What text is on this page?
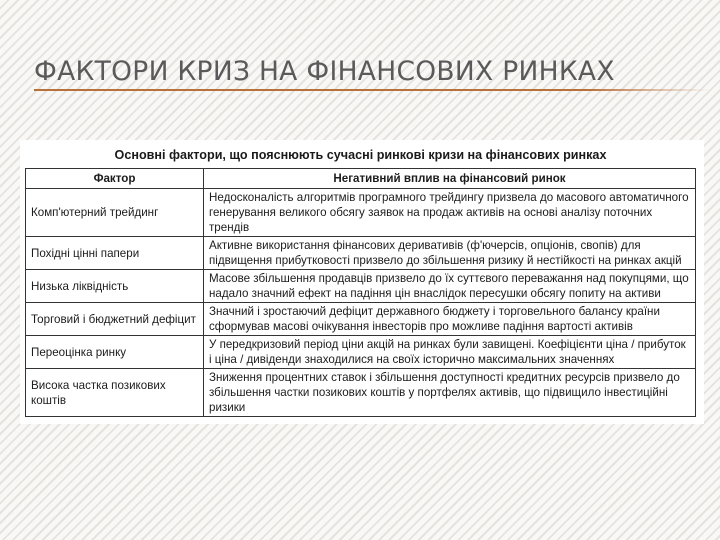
ФАКТОРИ КРИЗ НА ФІНАНСОВИХ РИНКАХ
Основні фактори, що пояснюють сучасні ринкові кризи на фінансових ринках
Фактор	Негативний вплив на фінансовий ринок
Комп'ютерний трейдинг	Недосконалість алгоритмів програмного трейдингу призвела до масового автоматичного генерування великого обсягу заявок на продаж активів на основі аналізу поточних трендів
Похідні цінні папери	Активне використання фінансових деривативів (ф'ючерсів, опціонів, свопів) для підвищення прибутковості призвело до збільшення ризику й нестійкості на ринках акцій
Низька ліквідність	Масове збільшення продавців призвело до їх суттєвого переважання над покупцями, що надало значний ефект на падіння цін внаслідок пересушки обсягу попиту на активи
Торговий і бюджетний дефіцит	Значний і зростаючий дефіцит державного бюджету і торговельного балансу країни сформував масові очікування інвесторів про можливе падіння вартості активів
Переоцінка ринку	У передкризовий період ціни акцій на ринках були завищені. Коефіцієнти ціна / прибуток і ціна / дивіденди знаходилися на своїх історично максимальних значеннях
Висока частка позикових коштів	Зниження процентних ставок і збільшення доступності кредитних ресурсів призвело до збільшення частки позикових коштів у портфелях активів, що підвищило інвестиційні ризики
